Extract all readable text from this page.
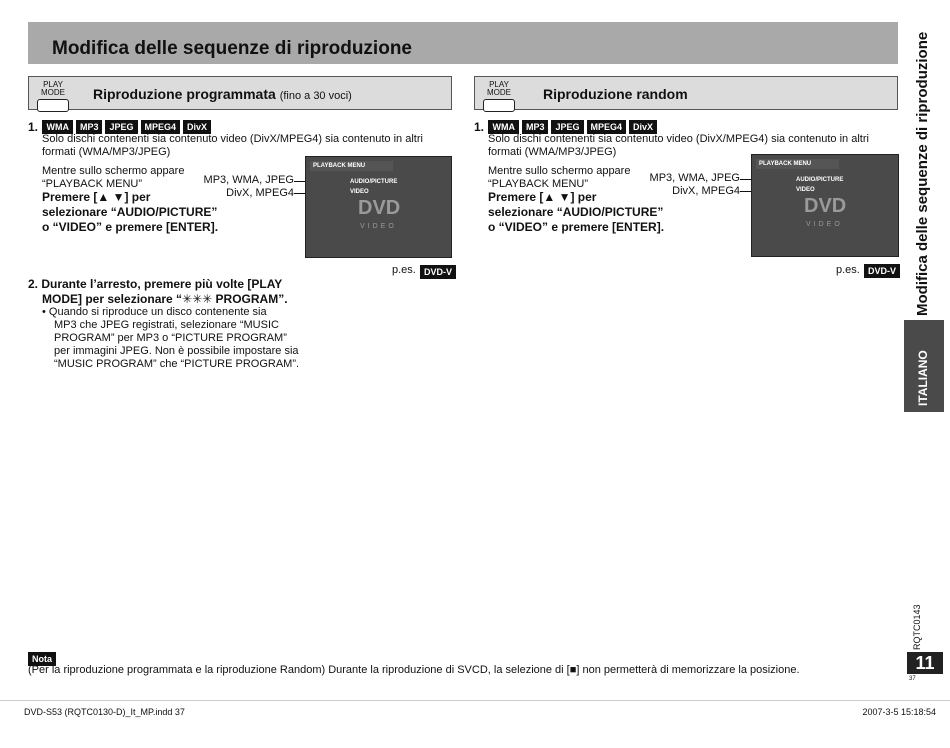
Modifica delle sequenze di riproduzione	Modifica delle sequenze di riproduzione
ITALIANO
PLAY MODE	Riproduzione programmata (fino a 30 voci)
1. WMA MP3 JPEG MPEG4 DivX
Solo dischi contenenti sia contenuto video (DivX/MPEG4) sia contenuto in altri
formati (WMA/MP3/JPEG)
Mentre sullo schermo appare
“PLAYBACK MENU”
Premere [▲ ▼] per
selezionare “AUDIO/PICTURE”
o “VIDEO” e premere [ENTER].
MP3, WMA, JPEG
DivX, MPEG4
PLAYBACK MENU
AUDIO/PICTURE
VIDEO
DVD
VIDEO
p.es. DVD-V
2. Durante l’arresto, premere più volte [PLAY
MODE] per selezionare “✳✳✳ PROGRAM”.
• Quando si riproduce un disco contenente sia
MP3 che JPEG registrati, selezionare “MUSIC
PROGRAM” per MP3 o “PICTURE PROGRAM”
per immagini JPEG. Non è possibile impostare sia
“MUSIC PROGRAM” che “PICTURE PROGRAM”.
PLAY MODE	Riproduzione random
1. WMA MP3 JPEG MPEG4 DivX
Solo dischi contenenti sia contenuto video (DivX/MPEG4) sia contenuto in altri
formati (WMA/MP3/JPEG)
Mentre sullo schermo appare
“PLAYBACK MENU”
Premere [▲ ▼] per
selezionare “AUDIO/PICTURE”
o “VIDEO” e premere [ENTER].
MP3, WMA, JPEG
DivX, MPEG4
PLAYBACK MENU
AUDIO/PICTURE
VIDEO
DVD
VIDEO
p.es. DVD-V
Nota
(Per la riproduzione programmata e la riproduzione Random) Durante la riproduzione di SVCD, la selezione di [■] non permetterà di memorizzare la posizione.
RQTC0143
11
37
DVD-S53 (RQTC0130-D)_It_MP.indd 37	2007-3-5 15:18:54
